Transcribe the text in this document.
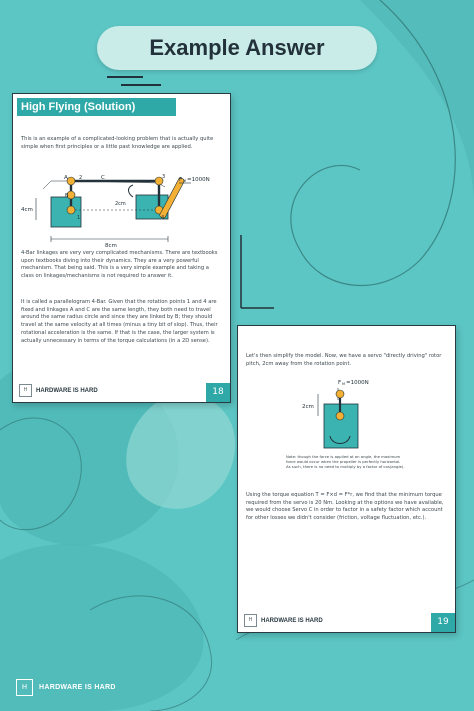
Example Answer
High Flying (Solution)

This is an example of a complicated-looking problem that is actually quite simple when first principles or a little past knowledge are applied.

4cm
A
B
C
2
1
3
4
2cm
F M =1000N
8cm

4-Bar linkages are very very complicated mechanisms. There are textbooks upon textbooks diving into their dynamics. They are a very powerful mechanism. That being said. This is a very simple example and taking a class on linkages/mechanisms is not required to answer it.

It is called a parallelogram 4-Bar. Given that the rotation points 1 and 4 are fixed and linkages A and C are the same length, they both need to travel around the same radius circle and since they are linked by B; they should travel at the same velocity at all times (minus a tiny bit of slop). Thus, their rotational acceleration is the same. If that is the case, the larger system is actually unnecessary in terms of the torque calculations (in a 2D sense).

H	HARDWARE IS HARD	18

Let's then simplify the model. Now, we have a servo "directly driving" rotor pitch, 2cm away from the rotation point.

F M =1000N
2cm

Note: though the force is applied at an angle, the maximum force would occur when the propeller is perfectly horizontal. As such, there is no need to multiply by a factor of cos(angle).

Using the torque equation T = F×d = F*r, we find that the minimum torque required from the servo is 20 Nm. Looking at the options we have available, we would choose Servo C in order to factor in a safety factor which account for other losses we didn't consider (friction, voltage fluctuation, etc.).

H	HARDWARE IS HARD	19
H	HARDWARE IS HARD
